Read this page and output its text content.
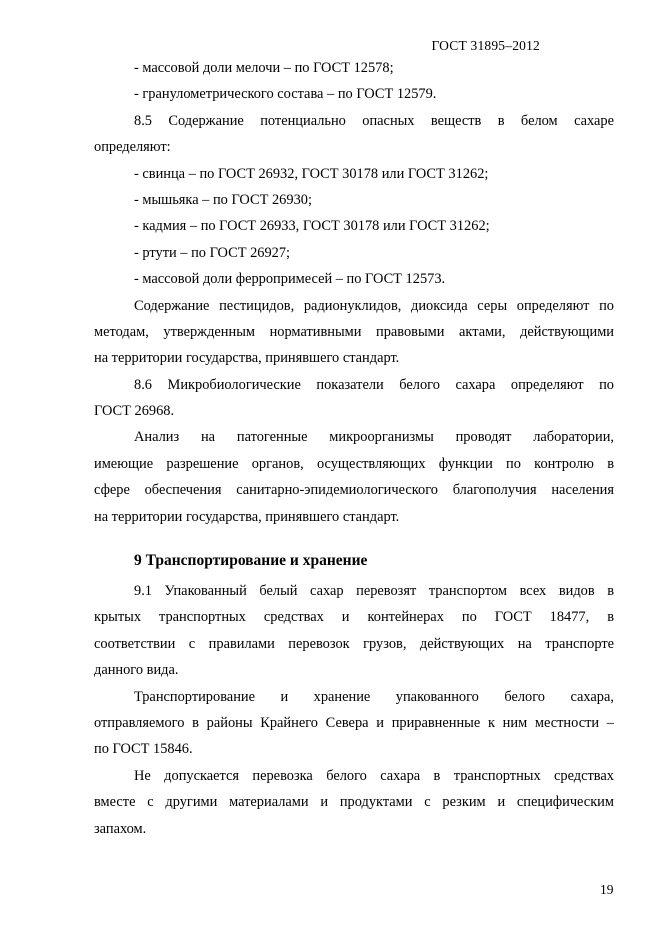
ГОСТ 31895–2012
- массовой доли мелочи – по ГОСТ 12578;
- гранулометрического состава – по ГОСТ 12579.
8.5 Содержание потенциально опасных веществ в белом сахаре
определяют:
- свинца – по ГОСТ 26932, ГОСТ 30178 или ГОСТ 31262;
- мышьяка – по ГОСТ 26930;
- кадмия – по ГОСТ 26933, ГОСТ 30178 или ГОСТ 31262;
- ртути – по ГОСТ 26927;
- массовой доли ферропримесей – по ГОСТ 12573.
Содержание пестицидов, радионуклидов, диоксида серы определяют по
методам, утвержденным нормативными правовыми актами, действующими
на территории государства, принявшего стандарт.
8.6 Микробиологические показатели белого сахара определяют по
ГОСТ 26968.
Анализ на патогенные микроорганизмы проводят лаборатории,
имеющие разрешение органов, осуществляющих функции по контролю в
сфере обеспечения санитарно-эпидемиологического благополучия населения
на территории государства, принявшего стандарт.
9 Транспортирование и хранение
9.1 Упакованный белый сахар перевозят транспортом всех видов в
крытых транспортных средствах и контейнерах по ГОСТ 18477, в
соответствии с правилами перевозок грузов, действующих на транспорте
данного вида.
Транспортирование и хранение упакованного белого сахара,
отправляемого в районы Крайнего Севера и приравненные к ним местности –
по ГОСТ 15846.
Не допускается перевозка белого сахара в транспортных средствах
вместе с другими материалами и продуктами с резким и специфическим
запахом.
19
